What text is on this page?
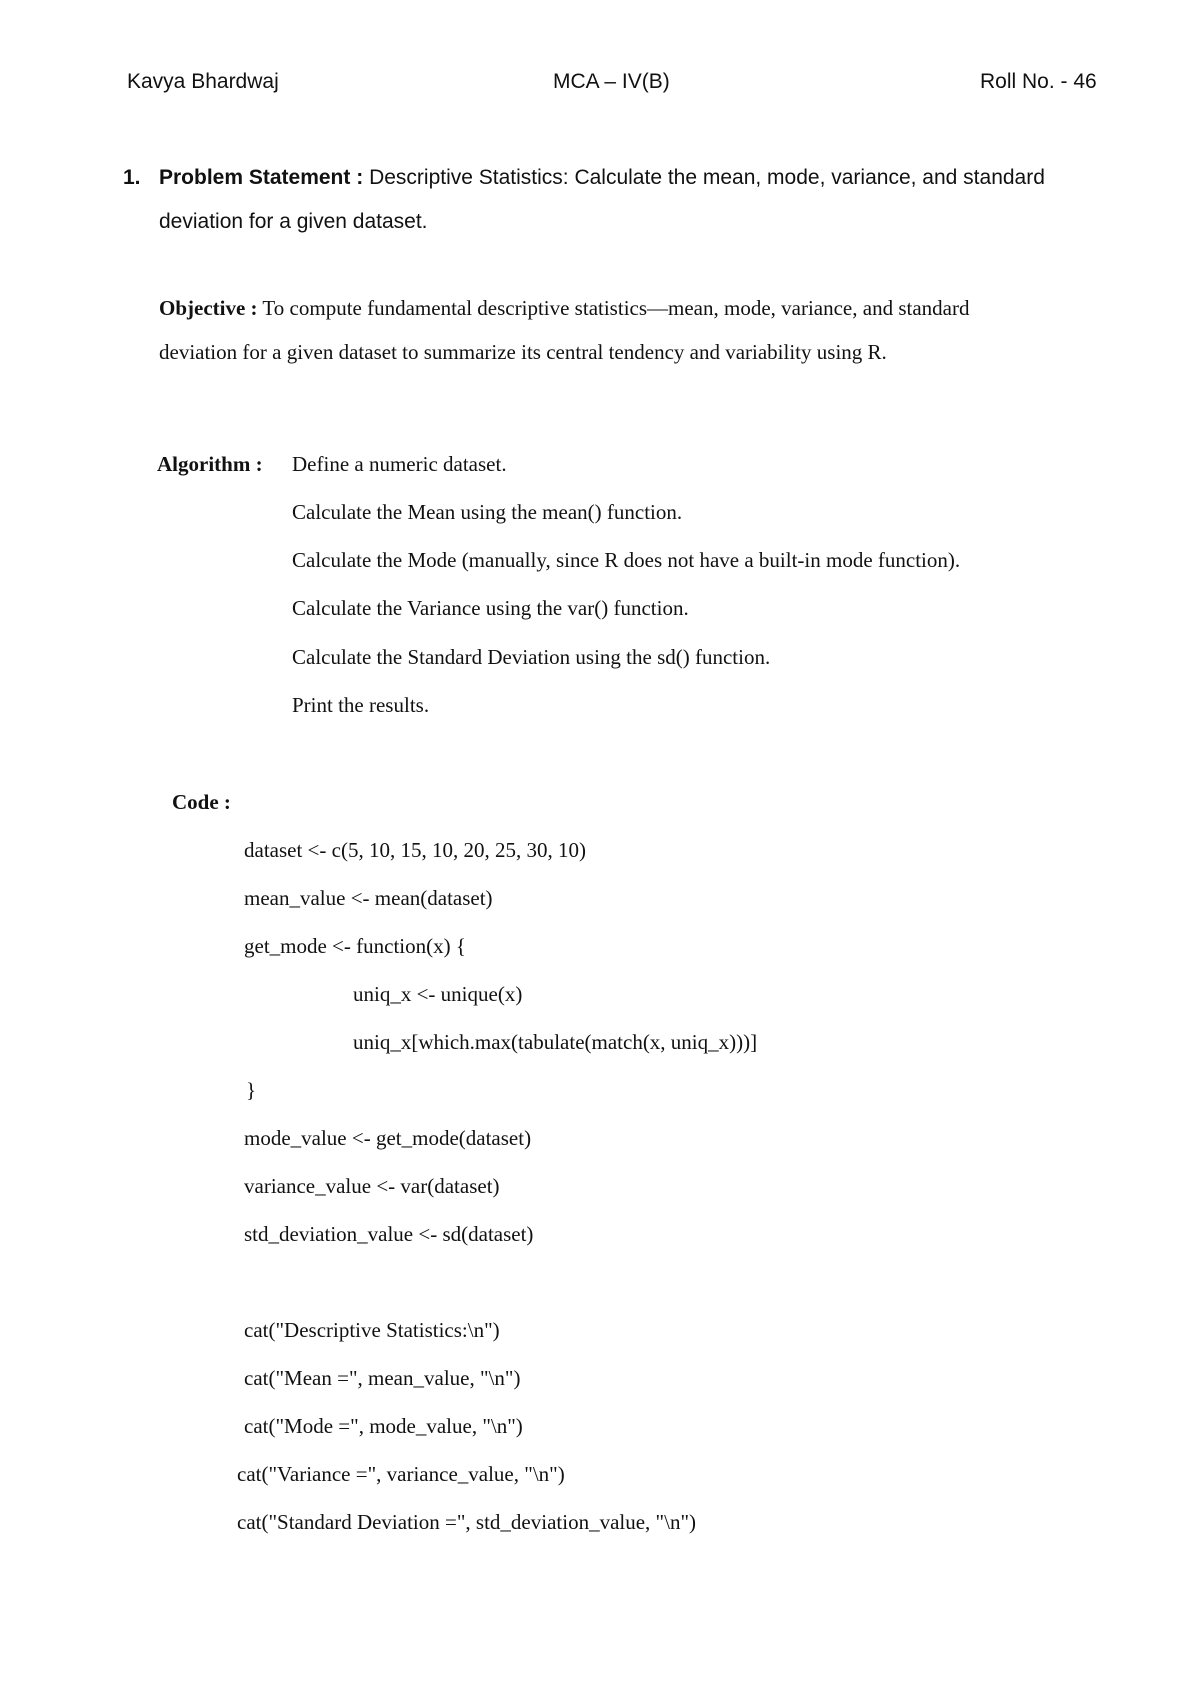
Kavya Bhardwaj	MCA – IV(B)	Roll No. - 46
1. Problem Statement : Descriptive Statistics: Calculate the mean, mode, variance, and standard
deviation for a given dataset.
Objective : To compute fundamental descriptive statistics—mean, mode, variance, and standard
deviation for a given dataset to summarize its central tendency and variability using R.
Algorithm : Define a numeric dataset.
Calculate the Mean using the mean() function.
Calculate the Mode (manually, since R does not have a built-in mode function).
Calculate the Variance using the var() function.
Calculate the Standard Deviation using the sd() function.
Print the results.
Code :
dataset <- c(5, 10, 15, 10, 20, 25, 30, 10)
mean_value <- mean(dataset)
get_mode <- function(x) {
uniq_x <- unique(x)
uniq_x[which.max(tabulate(match(x, uniq_x)))]
}
mode_value <- get_mode(dataset)
variance_value <- var(dataset)
std_deviation_value <- sd(dataset)
cat("Descriptive Statistics:\n")
cat("Mean =", mean_value, "\n")
cat("Mode =", mode_value, "\n")
cat("Variance =", variance_value, "\n")
cat("Standard Deviation =", std_deviation_value, "\n")
